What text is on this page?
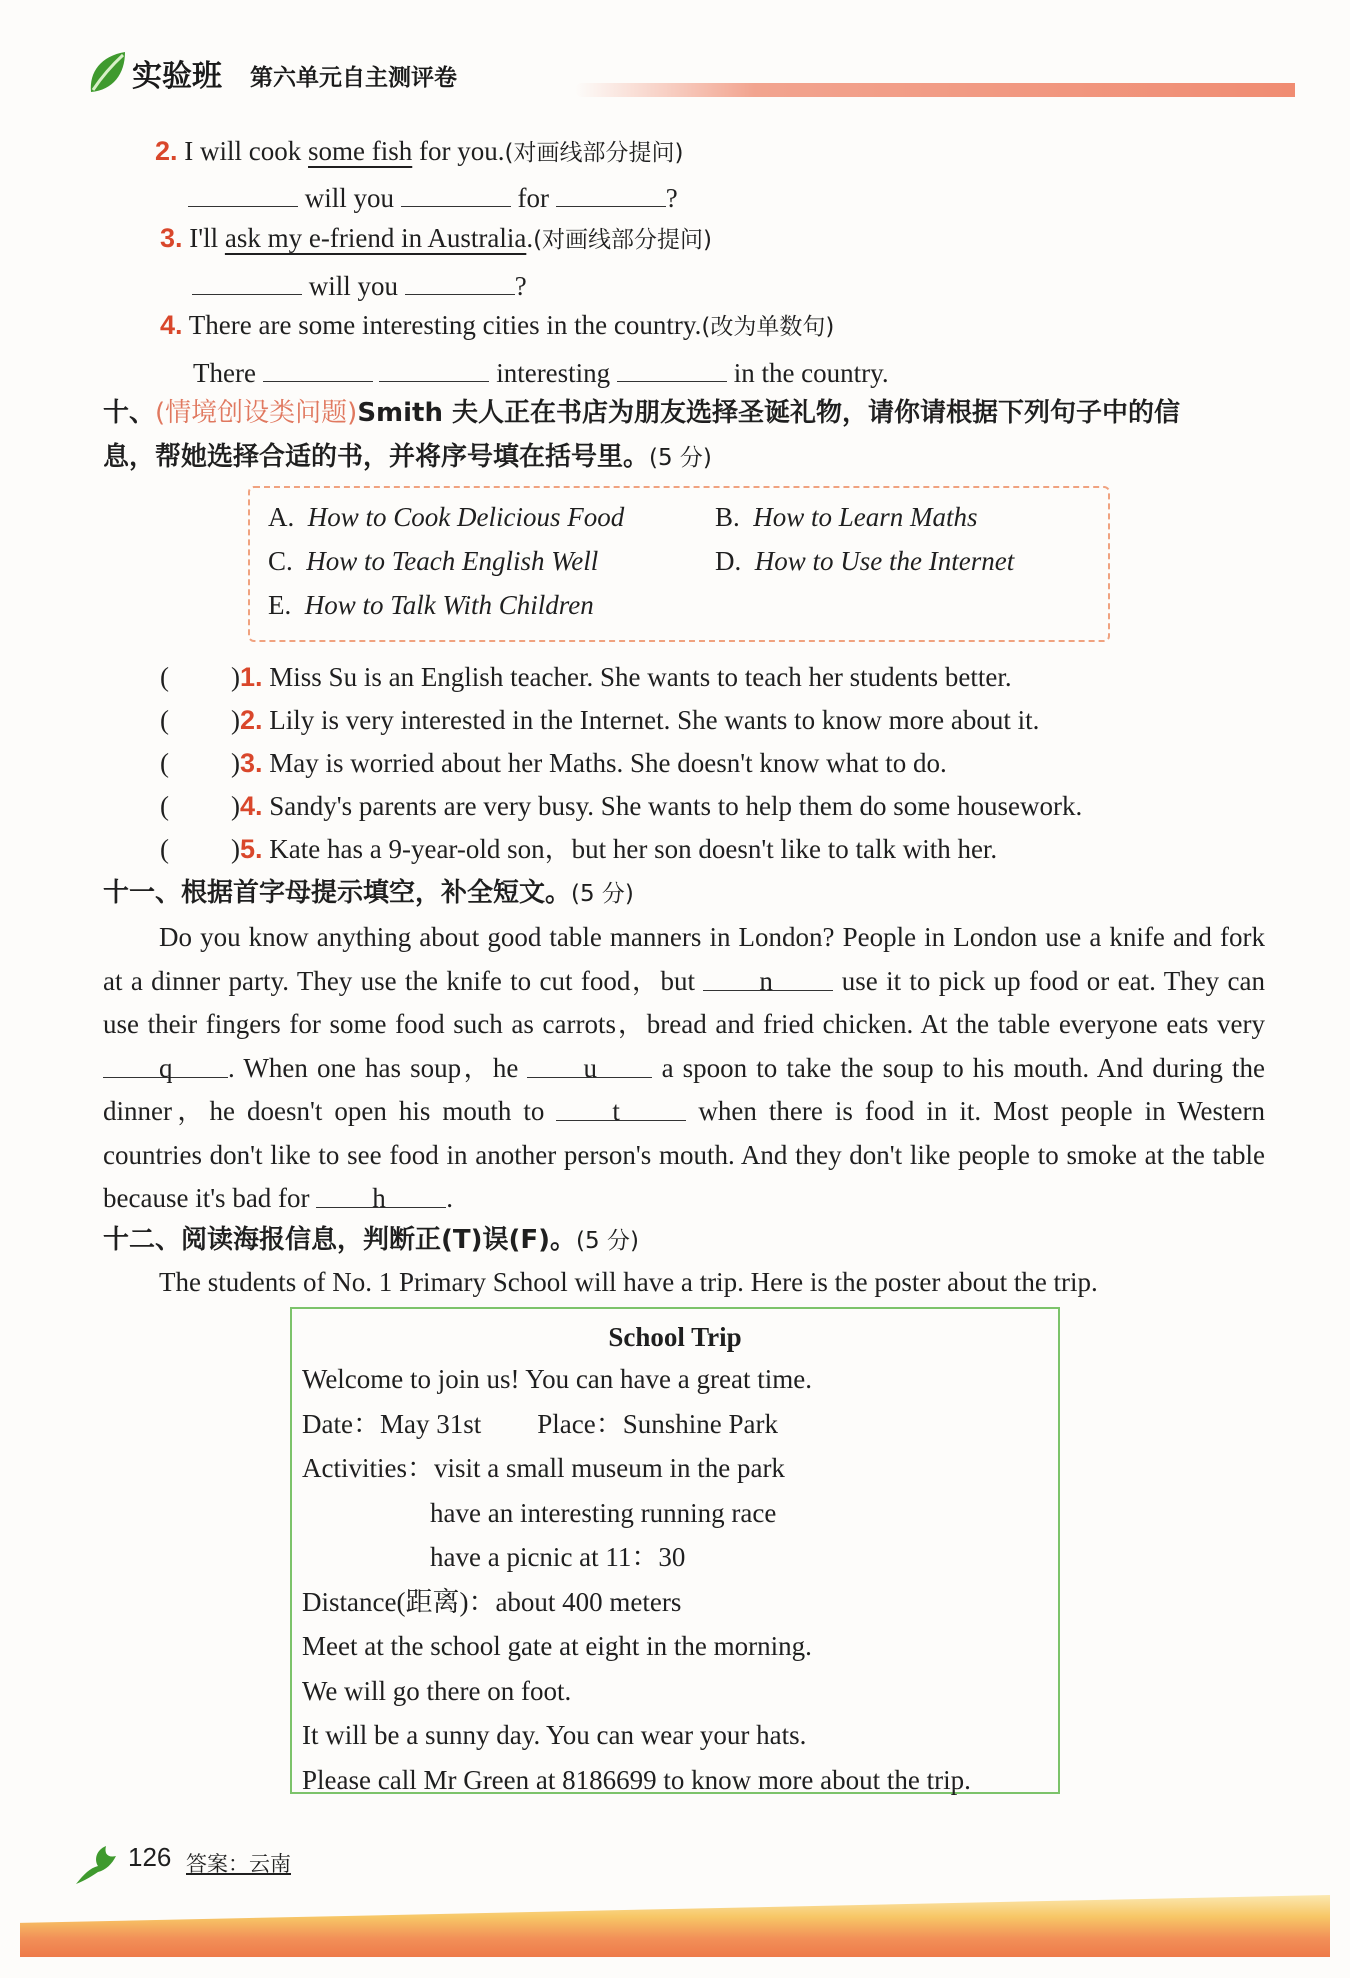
实验班 第六单元自主测评卷
2. I will cook some fish for you.(对画线部分提问)
will you	for	?
3. I'll ask my e-friend in Australia.(对画线部分提问)
will you	?
4. There are some interesting cities in the country.(改为单数句)
There	interesting	in the country.
十、(情境创设类问题)Smith 夫人正在书店为朋友选择圣诞礼物，请你请根据下列句子中的信
息，帮她选择合适的书，并将序号填在括号里。(5 分)
A. How to Cook Delicious Food	B. How to Learn Maths
C. How to Teach English Well	D. How to Use the Internet
E. How to Talk With Children
( )1. Miss Su is an English teacher. She wants to teach her students better.
( )2. Lily is very interested in the Internet. She wants to know more about it.
( )3. May is worried about her Maths. She doesn't know what to do.
( )4. Sandy's parents are very busy. She wants to help them do some housework.
( )5. Kate has a 9-year-old son，but her son doesn't like to talk with her.
十一、根据首字母提示填空，补全短文。(5 分)
Do you know anything about good table manners in London? People in London use a knife and fork at a dinner party. They use the knife to cut food，but n use it to pick up food or eat. They can use their fingers for some food such as carrots，bread and fried chicken. At the table everyone eats very q . When one has soup，he u a spoon to take the soup to his mouth. And during the dinner，he doesn't open his mouth to t when there is food in it. Most people in Western countries don't like to see food in another person's mouth. And they don't like people to smoke at the table because it's bad for h .
十二、阅读海报信息，判断正(T)误(F)。(5 分)
The students of No. 1 Primary School will have a trip. Here is the poster about the trip.
School Trip
Welcome to join us! You can have a great time.
Date：May 31st Place：Sunshine Park
Activities：visit a small museum in the park
have an interesting running race
have a picnic at 11：30
Distance(距离)：about 400 meters
Meet at the school gate at eight in the morning.
We will go there on foot.
It will be a sunny day. You can wear your hats.
Please call Mr Green at 8186699 to know more about the trip.
126 答案：云南
